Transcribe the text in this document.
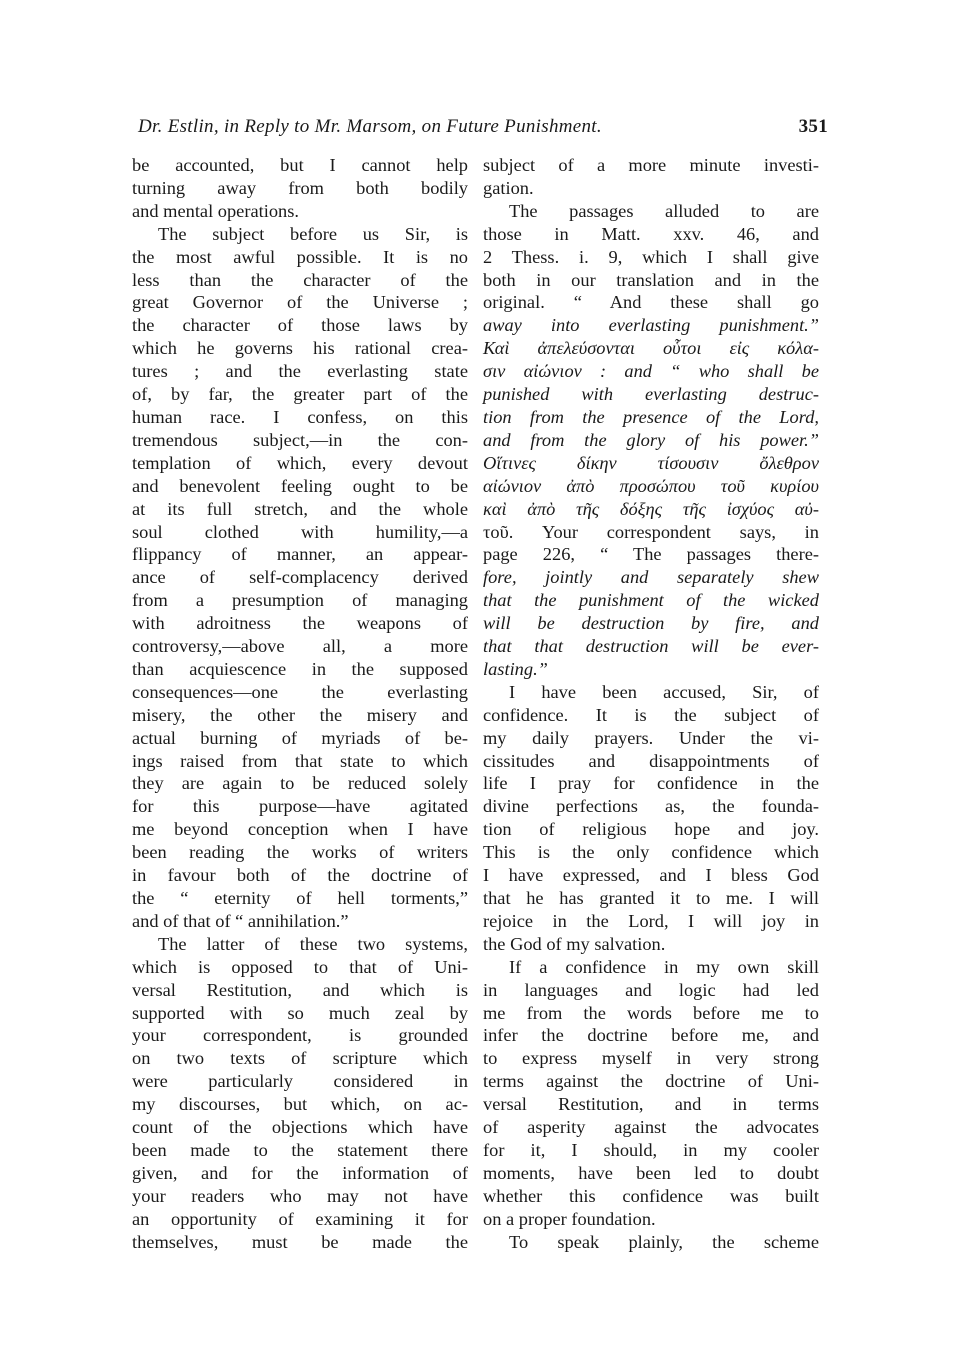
Dr. Estlin, in Reply to Mr. Marsom, on Future Punishment.	351

be accounted, but I cannot help

turning away from both bodily

and mental operations.

The subject before us Sir, is

the most awful possible. It is no

less than the character of the

great Governor of the Universe ;

the character of those laws by

which he governs his rational crea-

tures ; and the everlasting state

of, by far, the greater part of the

human race. I confess, on this

tremendous subject,—in the con-

templation of which, every devout

and benevolent feeling ought to be

at its full stretch, and the whole

soul clothed with humility,—a

flippancy of manner, an appear-

ance of self-complacency derived

from a presumption of managing

with adroitness the weapons of

controversy,—above all, a more

than acquiescence in the supposed

consequences—one the everlasting

misery, the other the misery and

actual burning of myriads of be-

ings raised from that state to which

they are again to be reduced solely

for this purpose—have agitated

me beyond conception when I have

been reading the works of writers

in favour both of the doctrine of

the “ eternity of hell torments,”

and of that of “ annihilation.”

The latter of these two systems,

which is opposed to that of Uni-

versal Restitution, and which is

supported with so much zeal by

your correspondent, is grounded

on two texts of scripture which

were particularly considered in

my discourses, but which, on ac-

count of the objections which have

been made to the statement there

given, and for the information of

your readers who may not have

an opportunity of examining it for

themselves, must be made the

subject of a more minute investi-

gation.

The passages alluded to are

those in Matt. xxv. 46, and

2 Thess. i. 9, which I shall give

both in our translation and in the

original. “ And these shall go

away into everlasting punishment.”

Καὶ ἀπελεύσονται οὗτοι εἰς κόλα-

σιν αἰώνιον : and “ who shall be

punished with everlasting destruc-

tion from the presence of the Lord,

and from the glory of his power.”

Οἵτινες δίκην τίσουσιν ὄλεθρον

αἰώνιον ἀπὸ προσώπου τοῦ κυρίου

καὶ ἀπὸ τῆς δόξης τῆς ἰσχύος αὐ-

τοῦ. Your correspondent says, in

page 226, “ The passages there-

fore, jointly and separately shew

that the punishment of the wicked

will be destruction by fire, and

that that destruction will be ever-

lasting.”

I have been accused, Sir, of

confidence. It is the subject of

my daily prayers. Under the vi-

cissitudes and disappointments of

life I pray for confidence in the

divine perfections as, the founda-

tion of religious hope and joy.

This is the only confidence which

I have expressed, and I bless God

that he has granted it to me. I will

rejoice in the Lord, I will joy in

the God of my salvation.

If a confidence in my own skill

in languages and logic had led

me from the words before me to

infer the doctrine before me, and

to express myself in very strong

terms against the doctrine of Uni-

versal Restitution, and in terms

of asperity against the advocates

for it, I should, in my cooler

moments, have been led to doubt

whether this confidence was built

on a proper foundation.

To speak plainly, the scheme
